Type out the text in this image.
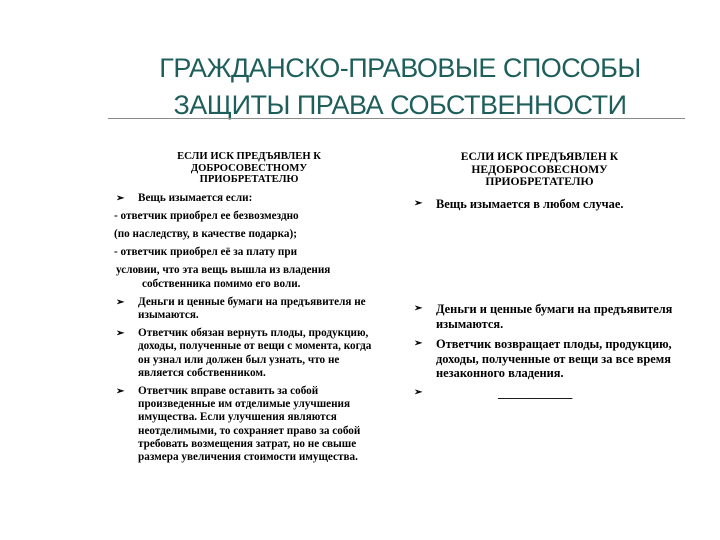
ГРАЖДАНСКО-ПРАВОВЫЕ СПОСОБЫ
ЗАЩИТЫ ПРАВА СОБСТВЕННОСТИ
ЕСЛИ ИСК ПРЕДЪЯВЛЕН К ДОБРОСОВЕСТНОМУ ПРИОБРЕТАТЕЛЮ
➢ Вещь изымается если:
- ответчик приобрел ее безвозмездно
(по наследству, в качестве подарка);
- ответчик приобрел её за плату при
условии, что эта вещь вышла из владения собственника помимо его воли.
➢ Деньги и ценные бумаги на предъявителя не изымаются.
➢ Ответчик обязан вернуть плоды, продукцию, доходы, полученные от вещи с момента, когда он узнал или должен был узнать, что не является собственником.
➢ Ответчик вправе оставить за собой произведенные им отделимые улучшения имущества. Если улучшения являются неотделимыми, то сохраняет право за собой требовать возмещения затрат, но не свыше размера увеличения стоимости имущества.
ЕСЛИ ИСК ПРЕДЪЯВЛЕН К НЕДОБРОСОВЕСНОМУ ПРИОБРЕТАТЕЛЮ
➢ Вещь изымается в любом случае.
➢ Деньги и ценные бумаги на предъявителя изымаются.
➢ Ответчик возвращает плоды, продукцию, доходы, полученные от вещи за все время незаконного владения.
➢	____________
